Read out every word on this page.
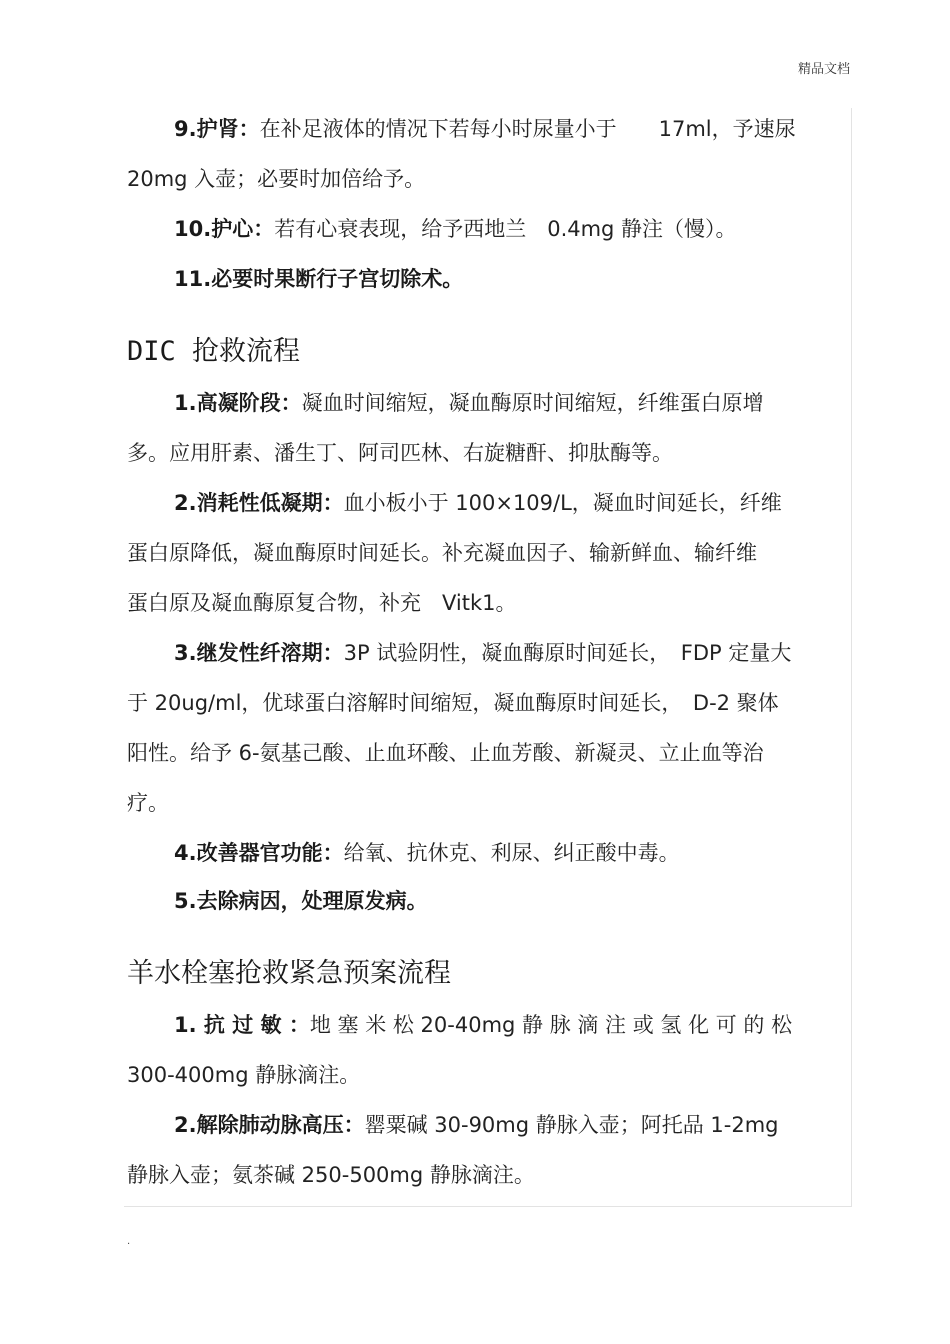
精品文档
9.护肾：在补足液体的情况下若每小时尿量小于　　17ml，予速尿
20mg 入壶；必要时加倍给予。
10.护心：若有心衰表现，给予西地兰　0.4mg 静注（慢）。
11.必要时果断行子宫切除术。
DIC 抢救流程
1.高凝阶段：凝血时间缩短，凝血酶原时间缩短，纤维蛋白原增
多。应用肝素、潘生丁、阿司匹林、右旋糖酐、抑肽酶等。
2.消耗性低凝期：血小板小于 100×109/L，凝血时间延长，纤维
蛋白原降低，凝血酶原时间延长。补充凝血因子、输新鲜血、输纤维
蛋白原及凝血酶原复合物，补充　Vitk1。
3.继发性纤溶期：3P 试验阴性，凝血酶原时间延长，　FDP 定量大
于 20ug/ml，优球蛋白溶解时间缩短，凝血酶原时间延长，　D-2 聚体
阳性。给予 6-氨基己酸、止血环酸、止血芳酸、新凝灵、立止血等治
疗。
4.改善器官功能：给氧、抗休克、利尿、纠正酸中毒。
5.去除病因，处理原发病。
羊水栓塞抢救紧急预案流程
1. 抗 过 敏 ：地 塞 米 松 20-40mg 静 脉 滴 注 或 氢 化 可 的 松
300-400mg 静脉滴注。
2.解除肺动脉高压：罂粟碱 30-90mg 静脉入壶；阿托品 1-2mg
静脉入壶；氨茶碱 250-500mg 静脉滴注。
.
